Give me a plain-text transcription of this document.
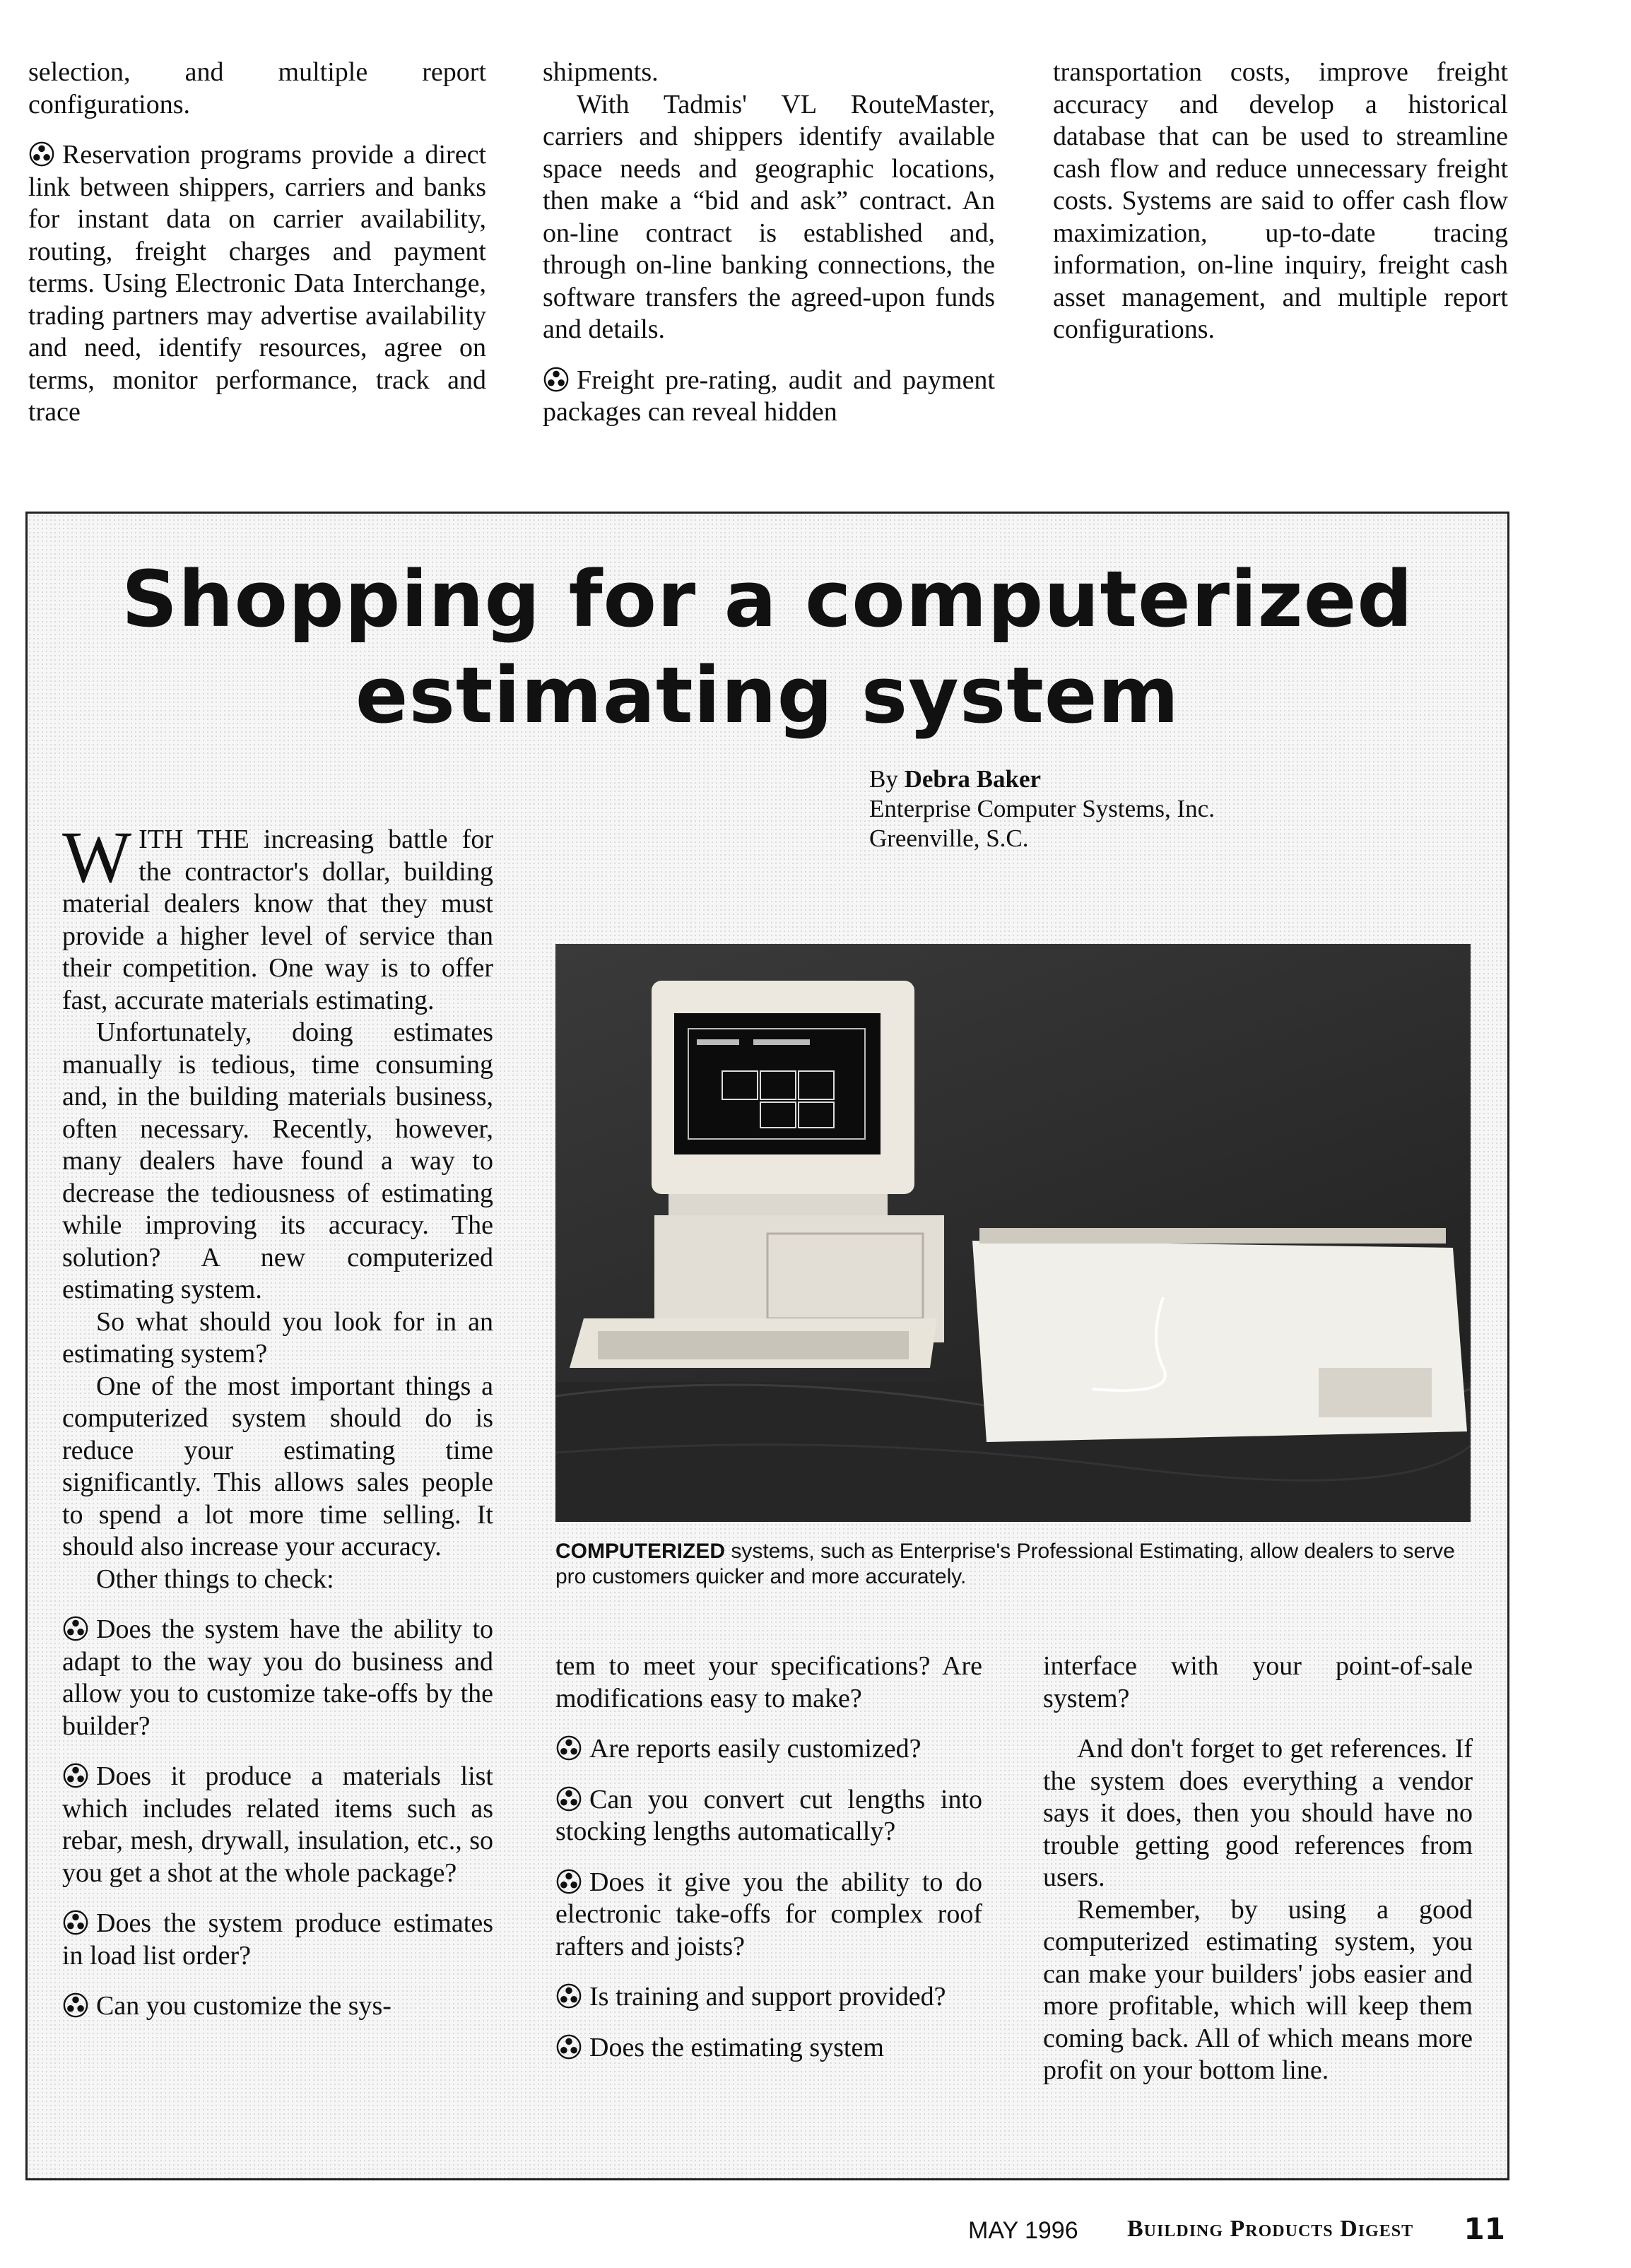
selection, and multiple report configurations.

Reservation programs provide a direct link between shippers, carriers and banks for instant data on carrier availability, routing, freight charges and payment terms. Using Electronic Data Interchange, trading partners may advertise availability and need, identify resources, agree on terms, monitor performance, track and trace

shipments.

With Tadmis' VL RouteMaster, carriers and shippers identify available space needs and geographic locations, then make a “bid and ask” contract. An on-line contract is established and, through on-line banking connections, the software transfers the agreed-upon funds and details.

Freight pre-rating, audit and payment packages can reveal hidden

transportation costs, improve freight accuracy and develop a historical database that can be used to streamline cash flow and reduce unnecessary freight costs. Systems are said to offer cash flow maximization, up-to-date tracing information, on-line inquiry, freight cash asset management, and multiple report configurations.

Shopping for a computerized
estimating system
By Debra Baker
Enterprise Computer Systems, Inc.
Greenville, S.C.
COMPUTERIZED systems, such as Enterprise's Professional Estimating, allow dealers to serve pro customers quicker and more accurately.

WITH THE increasing battle for the contractor's dollar, building material dealers know that they must provide a higher level of service than their competition. One way is to offer fast, accurate materials estimating.

Unfortunately, doing estimates manually is tedious, time consuming and, in the building materials business, often necessary. Recently, however, many dealers have found a way to decrease the tediousness of estimating while improving its accuracy. The solution? A new computerized estimating system.

So what should you look for in an estimating system?

One of the most important things a computerized system should do is reduce your estimating time significantly. This allows sales people to spend a lot more time selling. It should also increase your accuracy.

Other things to check:

Does the system have the ability to adapt to the way you do business and allow you to customize take-offs by the builder?

Does it produce a materials list which includes related items such as rebar, mesh, drywall, insulation, etc., so you get a shot at the whole package?

Does the system produce estimates in load list order?

Can you customize the sys-

tem to meet your specifications? Are modifications easy to make?

Are reports easily customized?

Can you convert cut lengths into stocking lengths automatically?

Does it give you the ability to do electronic take-offs for complex roof rafters and joists?

Is training and support provided?

Does the estimating system

interface with your point-of-sale system?

And don't forget to get references. If the system does everything a vendor says it does, then you should have no trouble getting good references from users.

Remember, by using a good computerized estimating system, you can make your builders' jobs easier and more profitable, which will keep them coming back. All of which means more profit on your bottom line.

MAY 1996 Building Products Digest 11
